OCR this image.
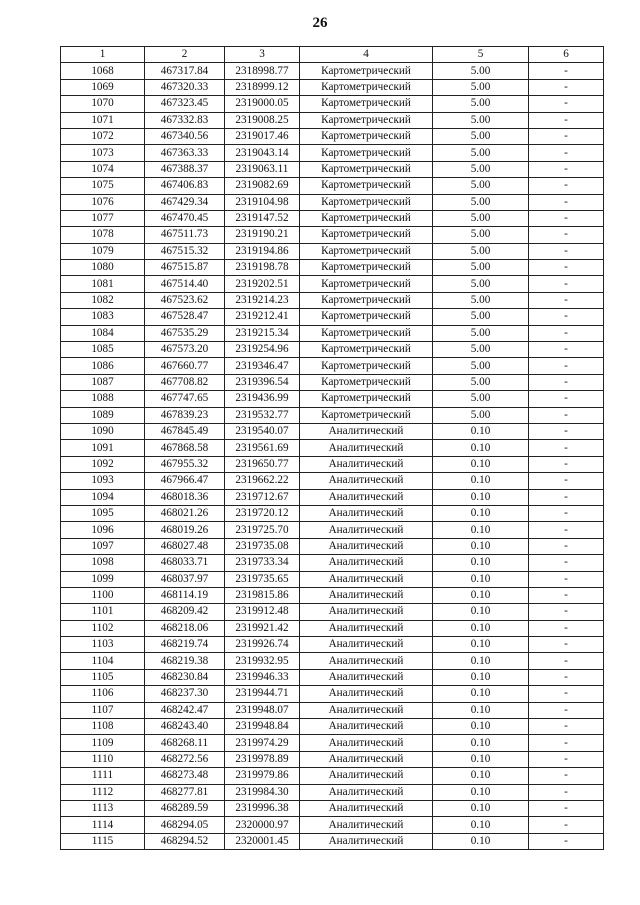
26
1	2	3	4	5	6
1068	467317.84	2318998.77	Картометрический	5.00	-
1069	467320.33	2318999.12	Картометрический	5.00	-
1070	467323.45	2319000.05	Картометрический	5.00	-
1071	467332.83	2319008.25	Картометрический	5.00	-
1072	467340.56	2319017.46	Картометрический	5.00	-
1073	467363.33	2319043.14	Картометрический	5.00	-
1074	467388.37	2319063.11	Картометрический	5.00	-
1075	467406.83	2319082.69	Картометрический	5.00	-
1076	467429.34	2319104.98	Картометрический	5.00	-
1077	467470.45	2319147.52	Картометрический	5.00	-
1078	467511.73	2319190.21	Картометрический	5.00	-
1079	467515.32	2319194.86	Картометрический	5.00	-
1080	467515.87	2319198.78	Картометрический	5.00	-
1081	467514.40	2319202.51	Картометрический	5.00	-
1082	467523.62	2319214.23	Картометрический	5.00	-
1083	467528.47	2319212.41	Картометрический	5.00	-
1084	467535.29	2319215.34	Картометрический	5.00	-
1085	467573.20	2319254.96	Картометрический	5.00	-
1086	467660.77	2319346.47	Картометрический	5.00	-
1087	467708.82	2319396.54	Картометрический	5.00	-
1088	467747.65	2319436.99	Картометрический	5.00	-
1089	467839.23	2319532.77	Картометрический	5.00	-
1090	467845.49	2319540.07	Аналитический	0.10	-
1091	467868.58	2319561.69	Аналитический	0.10	-
1092	467955.32	2319650.77	Аналитический	0.10	-
1093	467966.47	2319662.22	Аналитический	0.10	-
1094	468018.36	2319712.67	Аналитический	0.10	-
1095	468021.26	2319720.12	Аналитический	0.10	-
1096	468019.26	2319725.70	Аналитический	0.10	-
1097	468027.48	2319735.08	Аналитический	0.10	-
1098	468033.71	2319733.34	Аналитический	0.10	-
1099	468037.97	2319735.65	Аналитический	0.10	-
1100	468114.19	2319815.86	Аналитический	0.10	-
1101	468209.42	2319912.48	Аналитический	0.10	-
1102	468218.06	2319921.42	Аналитический	0.10	-
1103	468219.74	2319926.74	Аналитический	0.10	-
1104	468219.38	2319932.95	Аналитический	0.10	-
1105	468230.84	2319946.33	Аналитический	0.10	-
1106	468237.30	2319944.71	Аналитический	0.10	-
1107	468242.47	2319948.07	Аналитический	0.10	-
1108	468243.40	2319948.84	Аналитический	0.10	-
1109	468268.11	2319974.29	Аналитический	0.10	-
1110	468272.56	2319978.89	Аналитический	0.10	-
1111	468273.48	2319979.86	Аналитический	0.10	-
1112	468277.81	2319984.30	Аналитический	0.10	-
1113	468289.59	2319996.38	Аналитический	0.10	-
1114	468294.05	2320000.97	Аналитический	0.10	-
1115	468294.52	2320001.45	Аналитический	0.10	-
